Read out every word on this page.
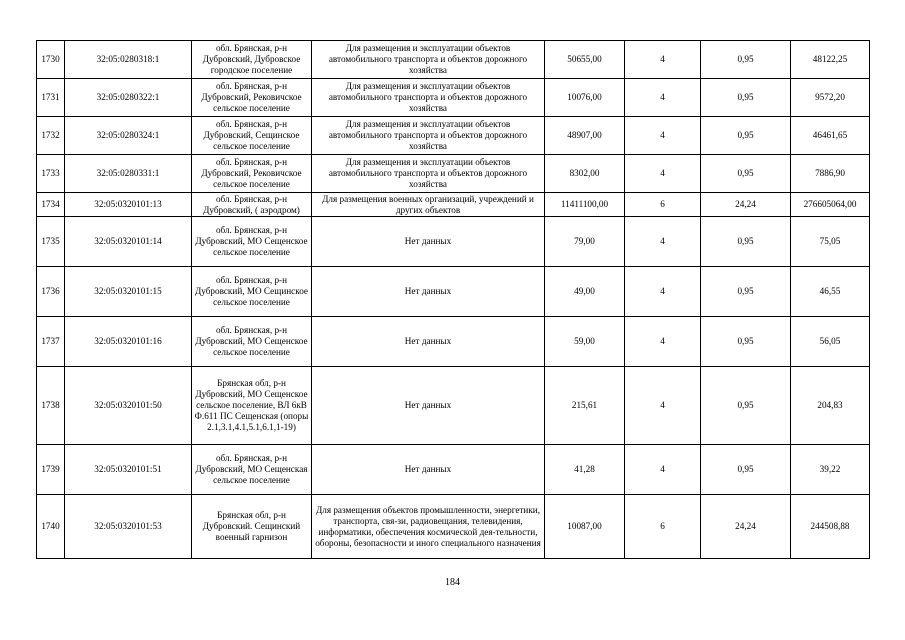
1730	32:05:0280318:1	обл. Брянская, р-н Дубровский, Дубровское городское поселение	Для размещения и эксплуатации объектов автомобильного транспорта и объектов дорожного хозяйства	50655,00	4	0,95	48122,25
1731	32:05:0280322:1	обл. Брянская, р-н Дубровский, Рековичское сельское поселение	Для размещения и эксплуатации объектов автомобильного транспорта и объектов дорожного хозяйства	10076,00	4	0,95	9572,20
1732	32:05:0280324:1	обл. Брянская, р-н Дубровский, Сещинское сельское поселение	Для размещения и эксплуатации объектов автомобильного транспорта и объектов дорожного хозяйства	48907,00	4	0,95	46461,65
1733	32:05:0280331:1	обл. Брянская, р-н Дубровский, Рековичское сельское поселение	Для размещения и эксплуатации объектов автомобильного транспорта и объектов дорожного хозяйства	8302,00	4	0,95	7886,90
1734	32:05:0320101:13	обл. Брянская, р-н Дубровский, ( аэродром)	Для размещения военных организаций, учреждений и других объектов	11411100,00	6	24,24	276605064,00
1735	32:05:0320101:14	обл. Брянская, р-н Дубровский, МО Сещенское сельское поселение	Нет данных	79,00	4	0,95	75,05
1736	32:05:0320101:15	обл. Брянская, р-н Дубровский, МО Сещинское сельское поселение	Нет данных	49,00	4	0,95	46,55
1737	32:05:0320101:16	обл. Брянская, р-н Дубровский, МО Сещенское сельское поселение	Нет данных	59,00	4	0,95	56,05
1738	32:05:0320101:50	Брянская обл, р-н Дубровский, МО Сещенское сельское поселение, ВЛ 6кВ Ф.611 ПС Сещенская (опоры 2.1,3.1,4.1,5.1,6.1,1-19)	Нет данных	215,61	4	0,95	204,83
1739	32:05:0320101:51	обл. Брянская, р-н Дубровский, МО Сещенская сельское поселение	Нет данных	41,28	4	0,95	39,22
1740	32:05:0320101:53	Брянская обл, р-н Дубровский. Сещинский военный гарнизон	Для размещения объектов промышленности, энергетики, транспорта, свя-зи, радиовещания, телевидения, информатики, обеспечения космической дея-тельности, обороны, безопасности и иного специального назначения	10087,00	6	24,24	244508,88
184
